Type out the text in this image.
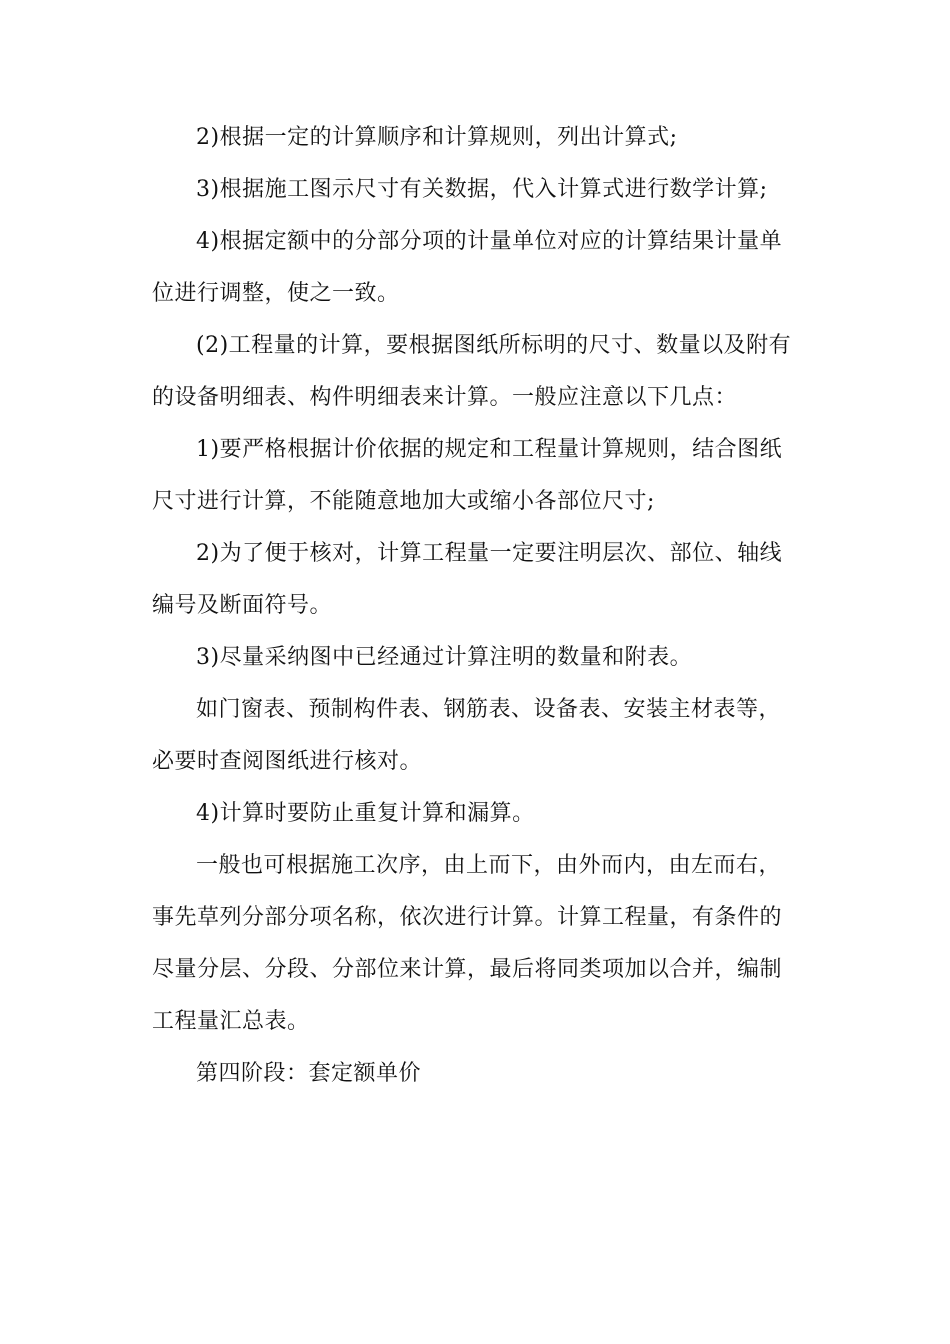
2)根据一定的计算顺序和计算规则，列出计算式;

3)根据施工图示尺寸有关数据，代入计算式进行数学计算;

4)根据定额中的分部分项的计量单位对应的计算结果计量单位进行调整，使之一致。

(2)工程量的计算，要根据图纸所标明的尺寸、数量以及附有的设备明细表、构件明细表来计算。一般应注意以下几点：

1)要严格根据计价依据的规定和工程量计算规则，结合图纸尺寸进行计算，不能随意地加大或缩小各部位尺寸;

2)为了便于核对，计算工程量一定要注明层次、部位、轴线编号及断面符号。

3)尽量采纳图中已经通过计算注明的数量和附表。

如门窗表、预制构件表、钢筋表、设备表、安装主材表等，必要时查阅图纸进行核对。

4)计算时要防止重复计算和漏算。

一般也可根据施工次序，由上而下，由外而内，由左而右，事先草列分部分项名称，依次进行计算。计算工程量，有条件的尽量分层、分段、分部位来计算，最后将同类项加以合并，编制工程量汇总表。

第四阶段：套定额单价
